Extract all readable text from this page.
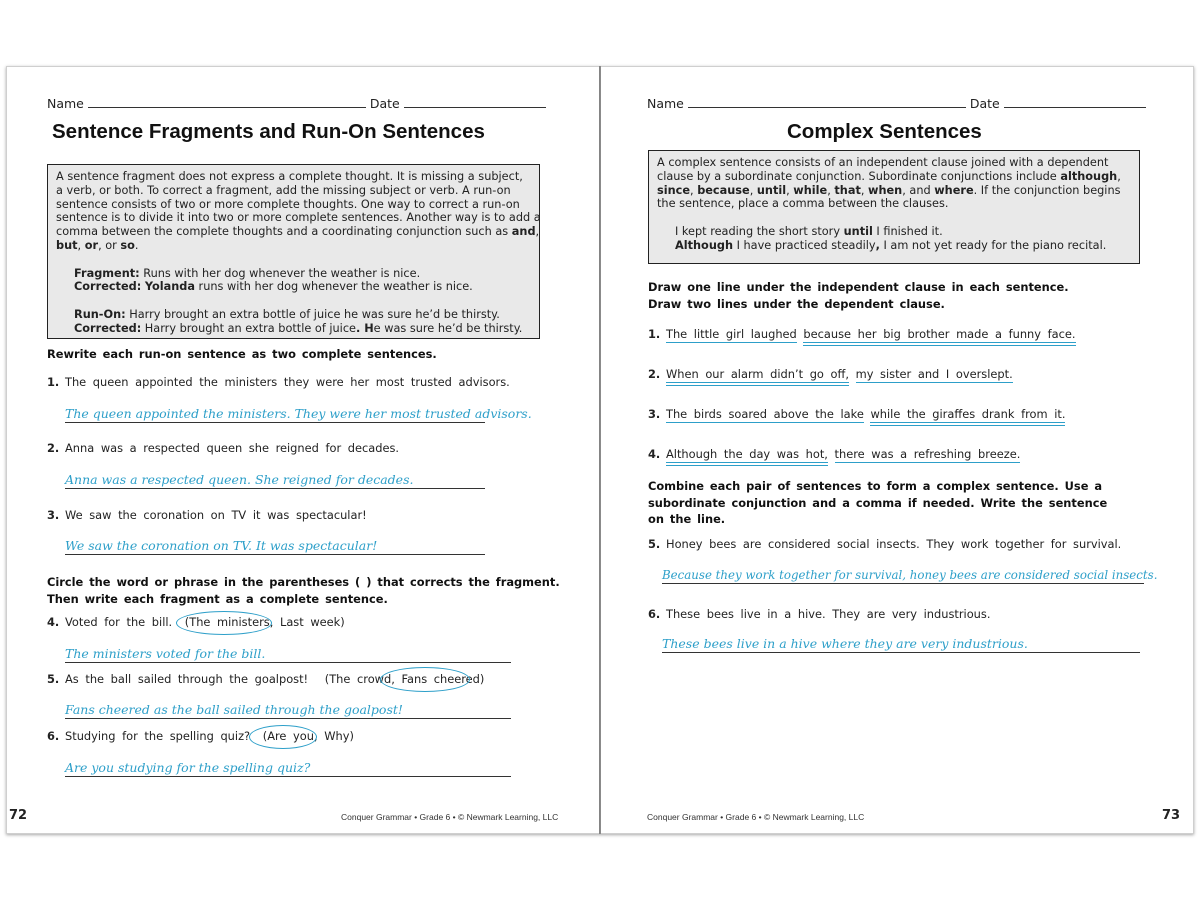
Name	Date
Sentence Fragments and Run-On Sentences

A sentence fragment does not express a complete thought. It is missing a subject,

a verb, or both. To correct a fragment, add the missing subject or verb. A run-on

sentence consists of two or more complete thoughts. One way to correct a run-on

sentence is to divide it into two or more complete sentences. Another way is to add a

comma between the complete thoughts and a coordinating conjunction such as and,

but, or, or so.

Fragment: Runs with her dog whenever the weather is nice.

Corrected: Yolanda runs with her dog whenever the weather is nice.

Run-On: Harry brought an extra bottle of juice he was sure he’d be thirsty.

Corrected: Harry brought an extra bottle of juice. He was sure he’d be thirsty.

Rewrite each run-on sentence as two complete sentences.
1. The queen appointed the ministers they were her most trusted advisors.
The queen appointed the ministers. They were her most trusted advisors.
2. Anna was a respected queen she reigned for decades.
Anna was a respected queen. She reigned for decades.
3. We saw the coronation on TV it was spectacular!
We saw the coronation on TV. It was spectacular!
Circle the word or phrase in the parentheses ( ) that corrects the fragment.
Then write each fragment as a complete sentence.
4. Voted for the bill. (The ministers, Last week)
The ministers voted for the bill.
5. As the ball sailed through the goalpost! (The crowd, Fans cheered)
Fans cheered as the ball sailed through the goalpost!
6. Studying for the spelling quiz? (Are you, Why)
Are you studying for the spelling quiz?
72	Conquer Grammar • Grade 6 • © Newmark Learning, LLC
Name	Date
Complex Sentences

A complex sentence consists of an independent clause joined with a dependent

clause by a subordinate conjunction. Subordinate conjunctions include although,

since, because, until, while, that, when, and where. If the conjunction begins

the sentence, place a comma between the clauses.

I kept reading the short story until I finished it.

Although I have practiced steadily, I am not yet ready for the piano recital.

Draw one line under the independent clause in each sentence.
Draw two lines under the dependent clause.
1. The little girl laughed because her big brother made a funny face.
2. When our alarm didn’t go off, my sister and I overslept.
3. The birds soared above the lake while the giraffes drank from it.
4. Although the day was hot, there was a refreshing breeze.
Combine each pair of sentences to form a complex sentence. Use a
subordinate conjunction and a comma if needed. Write the sentence
on the line.
5. Honey bees are considered social insects. They work together for survival.
Because they work together for survival, honey bees are considered social insects.
6. These bees live in a hive. They are very industrious.
These bees live in a hive where they are very industrious.
Conquer Grammar • Grade 6 • © Newmark Learning, LLC	73
